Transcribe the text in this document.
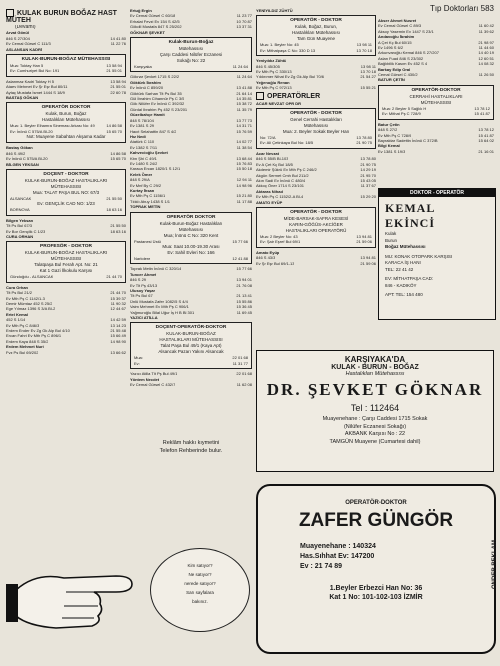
Tıp Doktorları 583
KULAK BURUN BOĞAZ HAST MÜTEH
(Devamı)
Arvat Gönül
846 S 27/304	14 41 80
Ev Cemal Gürsel C 111/3	11 22 76
ASLANSAN KADRİ
KULAK-BURUN-BOĞAZ MÜTEHASSISI
Mua: Toktay Han 5	13 58 94
Ev: Cumhuriyet Bul No: 191	21 55 01
Aslanmaz Kadri Toktay H 5	13 58 94
Ataev Mehmet Ev Şr Eşr Bul 80/11	21 55 01
Aytaç Mustafa İsmet 1444 S 18/9	22 60 78
BASTAŞ GÖKAN
OPERATÖR DOKTOR
Kulak, Burun, Boğaz
Hastalıkları Mütehassısı
Mua: 1. Beyler Elhamra Sineması Arkası No: 49	14 86 58
Ev: İnönü C 575/A Bl-20	15 65 70
Not: Muayene Sabahtan Akşama Kadar
Bastaş Gökan
846 S 49/2	14 86 58
Ev İnönü C 575/A Bl-20	15 65 70
BİLGEN YEKSAN
DOÇENT - DOKTOR
KULAK-BURUN-BOĞAZ HASTALIKLARI
MÜTEHASSISI
Mua: TALAT PAŞA BUL NO: 67/3
ALSANCAK	21 55 50
Ev: GENÇLİK CAD NO: 1/23
BORNOVA	18 63 16
Bilgen Yeksan
Tlt Ps Bul 67/3	21 55 50
Ev Bor Gençlik C 1/23	18 63 16
CURA ORHAN
PROFESÖR - DOKTOR
KULAK-BURUN-BOĞAZ HASTALIKLARI
MÜTEHASSISI
Talatpaşa Bul Ferah Apt. No: 21
Kat 1 Gazi İlkokulu Karşısı
Gündoğdu - ALSANCAK	21 44 70
Cura Orhan
Tlt Ps Bul 21/2	21 44 70
Ev Mth Pş C 1142/1-3	15 39 37
Demir Mümtaz 452 S 25/2	11 90 32
Ege Yılmaz 1396 S 3/A Bl-2	12 44 67
Ertel Kemal
452 S 1/14	14 42 59
Ev Mth Pş C 846/3	13 14 23
Erdem Ender Ev Zg Gk Alp Bul 4/10	21 55 48
Ercan Fahri Ev Mth Pş C 896/1	15 66 49
Erdem Kaya 848 S 35/2	14 98 90
Erdem Mehmet Nuri
Fvz Ps Bul 69/202	13 66 62
Ertuğ Ergin
Ev Cemal Gürsel C 60/18	11 23 77
Erhalat Fevzi Ev 154 S 42/5	10 70 87
Gökdil Mustafa 847 S 25/202	13 37 31
GÖKNAR ŞEVKET
Kulak-Burun-Boğaz
Mütehassısı
Çarşı Caddesi Nilüfer Eczanesi
Sokağı No: 22
Karşıyaka	11 24 64
Göknar Şevket 1715 S 22/2	11 24 64
Göktürk İbrahim
Ev İnönü C 859/20	13 41 88
Göktürk Sarhan Tlt Ps Bul 35	21 64 14
Gül İbrahim Cihannür Pş C 3/5	14 35 81
Gök Nilüfer Ev İnönü C 392/32	15 38 72
Gürdal Ibrahim Pş 452 S 23/201	11 35 79
Güzelbahçe Hamit
848 S 78/104	13 77 73
Ev 1381 S 29	14 31 71
Hacıt Selahattin 847 S 4/2	15 76 59
Hız Nedi
Atatürk C 110	14 02 77
Ev 1382 S 7/11	11 38 54
Kahvecioğlu Şevket
Kbn Şhi C 49/1	13 68 44
Ev 1480 S 24/2	15 76 83
Karaca Ercan 1820/1 S 12/1	15 50 18
Kelek Ömer
848 S 29/A	12 94 11
Ev Mnf By C 29/2	14 98 96
Kurtay İhsan
Ev Mth Pş C 1156/1	15 21 80
Tılıklı Abuy 1438 S 1/1	11 17 88
TOPRAK METİN
OPERATÖR DOKTOR
Kulak-Burun-Boğaz Hastalıkları
Mütehassısı
Mua; İnönü C No: 320 Kent
Pastanesi Üstü	15 77 66
Mua: Saat 10.00-19.30 Arası
Ev: Sahil Evleri No: 166
Narlıdere	12 41 88
Toprak Metin İnönü C 320/14	15 77 66
Tuncer Ahmet
846 S 29	13 94 01
Ev Tlt Pş 43/13	21 76 08
Ulusoy Yaşar
Tlt Ps Bul 67	21 13 41
Ünlü Mustafa Zafer 1082/5 S 4/4	15 55 86
Vaim Mehmet Ev Mth Pş C 906/1	15 36 45
Yağmuroğlu Bilal Uğur İş H B Bl 301	11 69 45
YAZICI ATİLLA
DOÇENT-OPERATÖR-DOKTOR
KULAK-BURUN-BOĞAZ
HASTALIKLARI MÜTEHASSISI
Talat Paşa Bul 49/1 (Kaya Apt)
Alsancak Pazarı Yakını Alsancak
Mua:	22 01 68
Ev:	11 31 77
Yazıcı Atilla Tlt Pş Bul 49/1	22 01 68
Yöntem Necdet
Ev Cemal Gürsel C 432/7	11 62 08
Reklâm hakkı kıymetini
Telefon Rehberinde bulur.
YENİYILDIZ ZÜHTÜ
OPERATÖR - DOKTOR
Kulak, Boğaz, Burun,
Hastalıkları Mütehassısı
Tam Gün Muayene
Mua: 1. Beyler No: 45	13 98 11
Ev: Mithatpaşa C No: 330 D 13	13 70 18
Yeniyıldız Zühtü
846 S 45/305	13 98 11
Ev Mth Pş C 330/13	13 70 18
Yıldırımer Nihat Ev Zg Gk Alp Bul 70/6	21 54 27
Yeğenoğlu Renan
Ev Mth Pş C 972/13	15 55 21
OPERATÖRLER
ACAR NEVZAT OPR DR
OPERATÖR - DOKTOR
Genel Cerrahi Hastalıkları
Mütehassısı
Mua: 2. Beyler Sokak Beyler Han
No: 72/A	13 78 80
Ev: Ali Çetinkaya Bul No: 18/5	21 90 75
Acar Nevzat
846 S 55/B Bl-103	13 78 80
Ev A Çet Kç Bul 18/5	21 90 75
Akdemir Şükrü Ev Mth Pş C 246/2	14 29 19
Akgün Sermet Cmh Bul 211/2	21 95 70
Akın Sadi Ev İnönü C 480/4	15 43 05
Akkoç Öner 1714 S 23/101	11 37 67
Aktaras Nihad
Ev Mth Pş C 1152/2-A Bl-4	15 29 20
AMATO EYÜP
OPERATÖR - DOKTOR
MİDE-BARSAK-SAFRA KESESİ
KARIN-GÖĞÜS-AKCİĞER
HASTALIKLARI OPERATÖRÜ
Mua: 2 Beyler No: 43	13 94 81
Ev: Şair Eşref Bul 69/1	21 59 06
Amato Eyüp
846 S 43/3	13 94 81
Ev Şr Eşr Bul 69/1-13	21 59 06
Akser Ahmet Nusret
Ev Cemal Gürsel C 89/3	11 60 42
Aksoy Yasemin Ev 1447 S 23/1	11 39 62
Andavoğlu İbrahim
A Çet Kç Bul 60/15	21 98 97
Ev 1496 S 6/2	11 44 60
Arkunvaroğlu Kemal 846 S 27/207	14 40 19
Aslan Fuad 846 S 23/302	12 60 51
Bağlıbilik Kasım Ev 452 S 4	14 08 32
Barkay Edip Oral
Cemal Gürsel C 430/2	11 26 50
BATUR ÇETİN
OPERATÖR-DOKTOR
CERRAHİ HASTALIKLARI
MÜTEHASSISI
Mua: 2 Beyler 5 Sağlık H	13 78 12
Ev: Mithat Pş C 728/9	15 41 87
Batur Çetin
848 S 27/2	13 78 12
Ev Mth Pş C 728/9	15 41 87
Bayraktar Sadettin İnönü C 372/B	15 64 02
Bilgi Kemal
Ev 1381 S 19/3	21 16 01
DOKTOR - OPERATÖR
KEMAL
EKİNCİ
Kulak
Burun
Boğaz Mütehassısı
MU: KONAK OTOPARK KARŞISI
KARACA İŞ HANI
TEL: 22 41 42
EV: MİTHATPAŞA CAD:
846 - KADIKÖY
APT: TEL: 154 480
KARŞIYAKA'DA
KULAK - BURUN - BOĞAZ
Hastalıkları Mütehassısı
DR. ŞEVKET GÖKNAR
Tel : 112464
Muayenehane : Çarşı Caddesi 1715 Sokak
(Nilüfer Eczanesi Sokağı)
AKBANK Karşısı No : 22
TAMGÜN Muayene (Cumartesi dahil)
OPERATÖR-DOKTOR
ZAFER GÜNGÖR
Muayenehane : 140324
Has.Sıhhat Ev: 147200
Ev : 21 74 89
1.Beyler Erbezci Han No: 36
Kat 1 No: 101-102-103 İZMİR
ÖNDER REKLAM
Kim satıyor?
Ne satıyor?
nerede satıyor?
Sarı sayfalara
bakınız.
